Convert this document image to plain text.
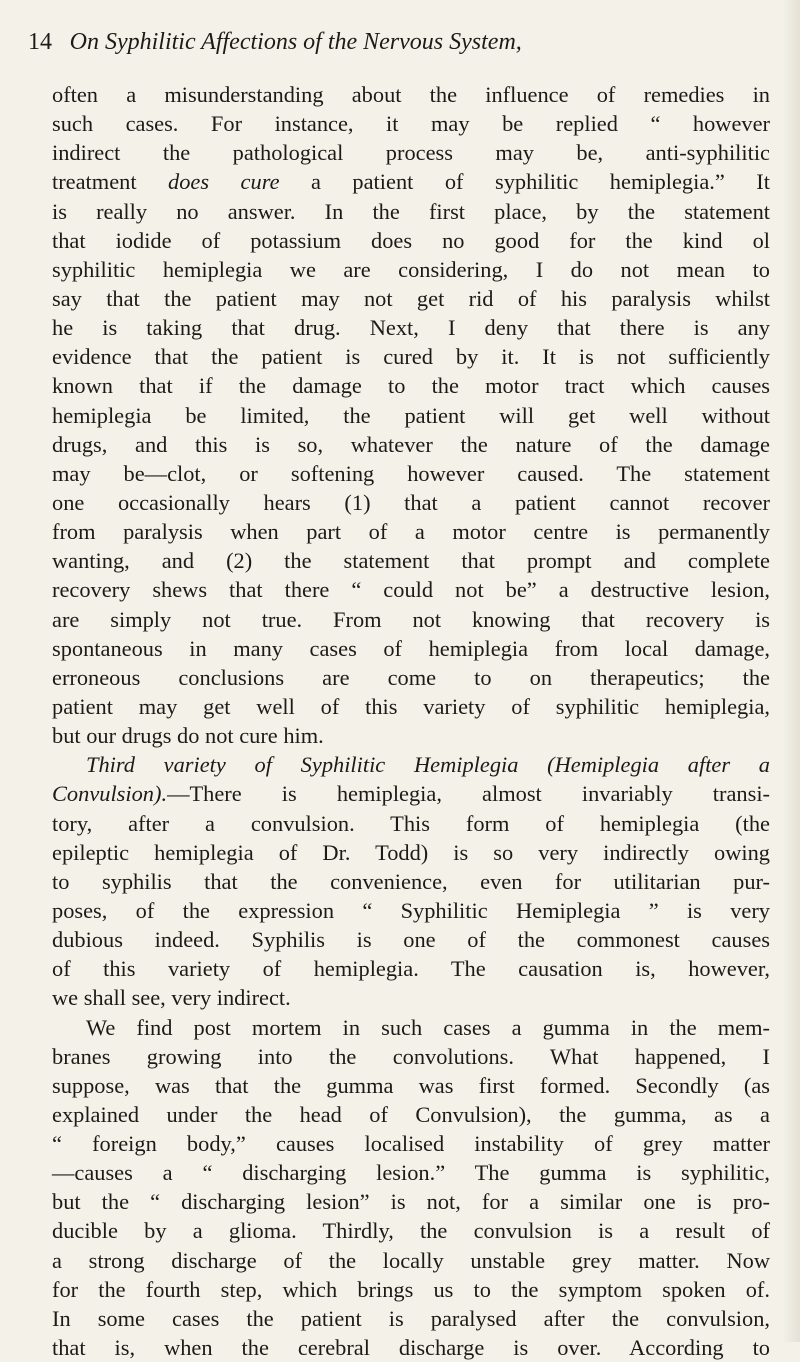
14 On Syphilitic Affections of the Nervous System,
often a misunderstanding about the influence of remedies in
such cases. For instance, it may be replied “ however
indirect the pathological process may be, anti-syphilitic
treatment does cure a patient of syphilitic hemiplegia.” It
is really no answer. In the first place, by the statement
that iodide of potassium does no good for the kind ol
syphilitic hemiplegia we are considering, I do not mean to
say that the patient may not get rid of his paralysis whilst
he is taking that drug. Next, I deny that there is any
evidence that the patient is cured by it. It is not sufficiently
known that if the damage to the motor tract which causes
hemiplegia be limited, the patient will get well without
drugs, and this is so, whatever the nature of the damage
may be—clot, or softening however caused. The statement
one occasionally hears (1) that a patient cannot recover
from paralysis when part of a motor centre is permanently
wanting, and (2) the statement that prompt and complete
recovery shews that there “ could not be” a destructive lesion,
are simply not true. From not knowing that recovery is
spontaneous in many cases of hemiplegia from local damage,
erroneous conclusions are come to on therapeutics; the
patient may get well of this variety of syphilitic hemiplegia,
but our drugs do not cure him.
Third variety of Syphilitic Hemiplegia (Hemiplegia after a
Convulsion).—There is hemiplegia, almost invariably transi-
tory, after a convulsion. This form of hemiplegia (the
epileptic hemiplegia of Dr. Todd) is so very indirectly owing
to syphilis that the convenience, even for utilitarian pur-
poses, of the expression “ Syphilitic Hemiplegia ” is very
dubious indeed. Syphilis is one of the commonest causes
of this variety of hemiplegia. The causation is, however,
we shall see, very indirect.
We find post mortem in such cases a gumma in the mem-
branes growing into the convolutions. What happened, I
suppose, was that the gumma was first formed. Secondly (as
explained under the head of Convulsion), the gumma, as a
“ foreign body,” causes localised instability of grey matter
—causes a “ discharging lesion.” The gumma is syphilitic,
but the “ discharging lesion” is not, for a similar one is pro-
ducible by a glioma. Thirdly, the convulsion is a result of
a strong discharge of the locally unstable grey matter. Now
for the fourth step, which brings us to the symptom spoken of.
In some cases the patient is paralysed after the convulsion,
that is, when the cerebral discharge is over. According to
